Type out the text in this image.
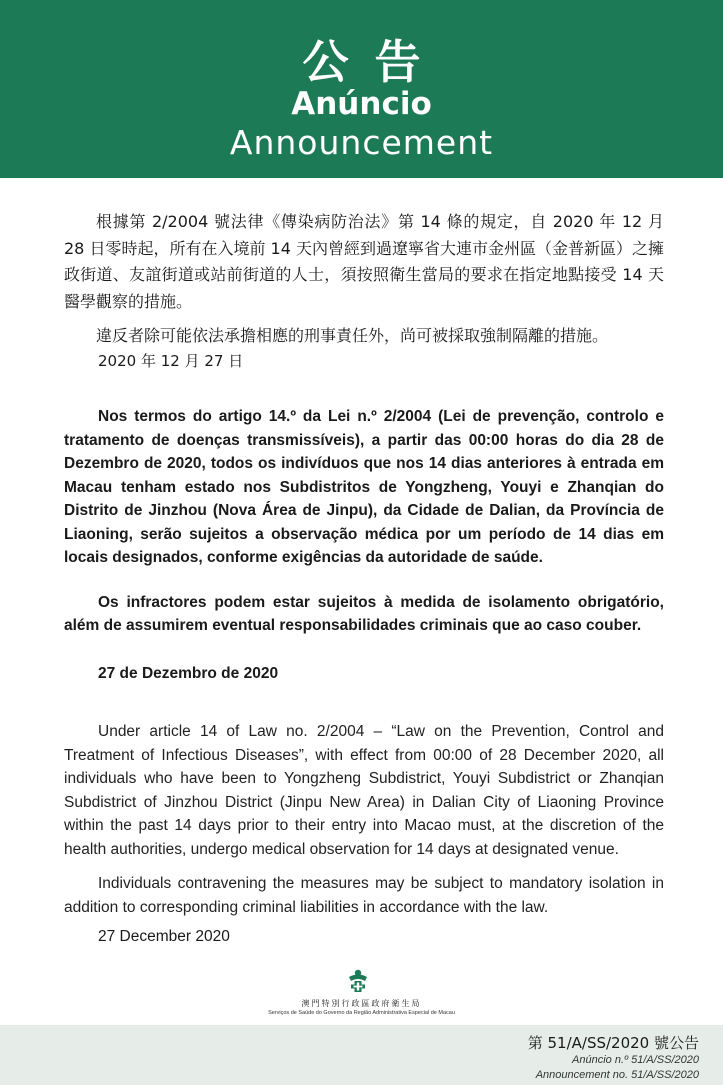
公告
Anúncio
Announcement

根據第 2/2004 號法律《傳染病防治法》第 14 條的規定，自 2020 年 12 月 28 日零時起，所有在入境前 14 天內曾經到過遼寧省大連市金州區（金普新區）之擁政街道、友誼街道或站前街道的人士，須按照衛生當局的要求在指定地點接受 14 天醫學觀察的措施。

違反者除可能依法承擔相應的刑事責任外，尚可被採取強制隔離的措施。

2020 年 12 月 27 日

Nos termos do artigo 14.º da Lei n.º 2/2004 (Lei de prevenção, controlo e tratamento de doenças transmissíveis), a partir das 00:00 horas do dia 28 de Dezembro de 2020, todos os indivíduos que nos 14 dias anteriores à entrada em Macau tenham estado nos Subdistritos de Yongzheng, Youyi e Zhanqian do Distrito de Jinzhou (Nova Área de Jinpu), da Cidade de Dalian, da Província de Liaoning, serão sujeitos a observação médica por um período de 14 dias em locais designados, conforme exigências da autoridade de saúde.

Os infractores podem estar sujeitos à medida de isolamento obrigatório, além de assumirem eventual responsabilidades criminais que ao caso couber.

27 de Dezembro de 2020

Under article 14 of Law no. 2/2004 – “Law on the Prevention, Control and Treatment of Infectious Diseases”, with effect from 00:00 of 28 December 2020, all individuals who have been to Yongzheng Subdistrict, Youyi Subdistrict or Zhanqian Subdistrict of Jinzhou District (Jinpu New Area) in Dalian City of Liaoning Province within the past 14 days prior to their entry into Macao must, at the discretion of the health authorities, undergo medical observation for 14 days at designated venue.

Individuals contravening the measures may be subject to mandatory isolation in addition to corresponding criminal liabilities in accordance with the law.

27 December 2020
澳門特別行政區政府衛生局
Serviços de Saúde do Governo da Região Administrativa Especial de Macau
第 51/A/SS/2020 號公告
Anúncio n.º 51/A/SS/2020
Announcement no. 51/A/SS/2020
